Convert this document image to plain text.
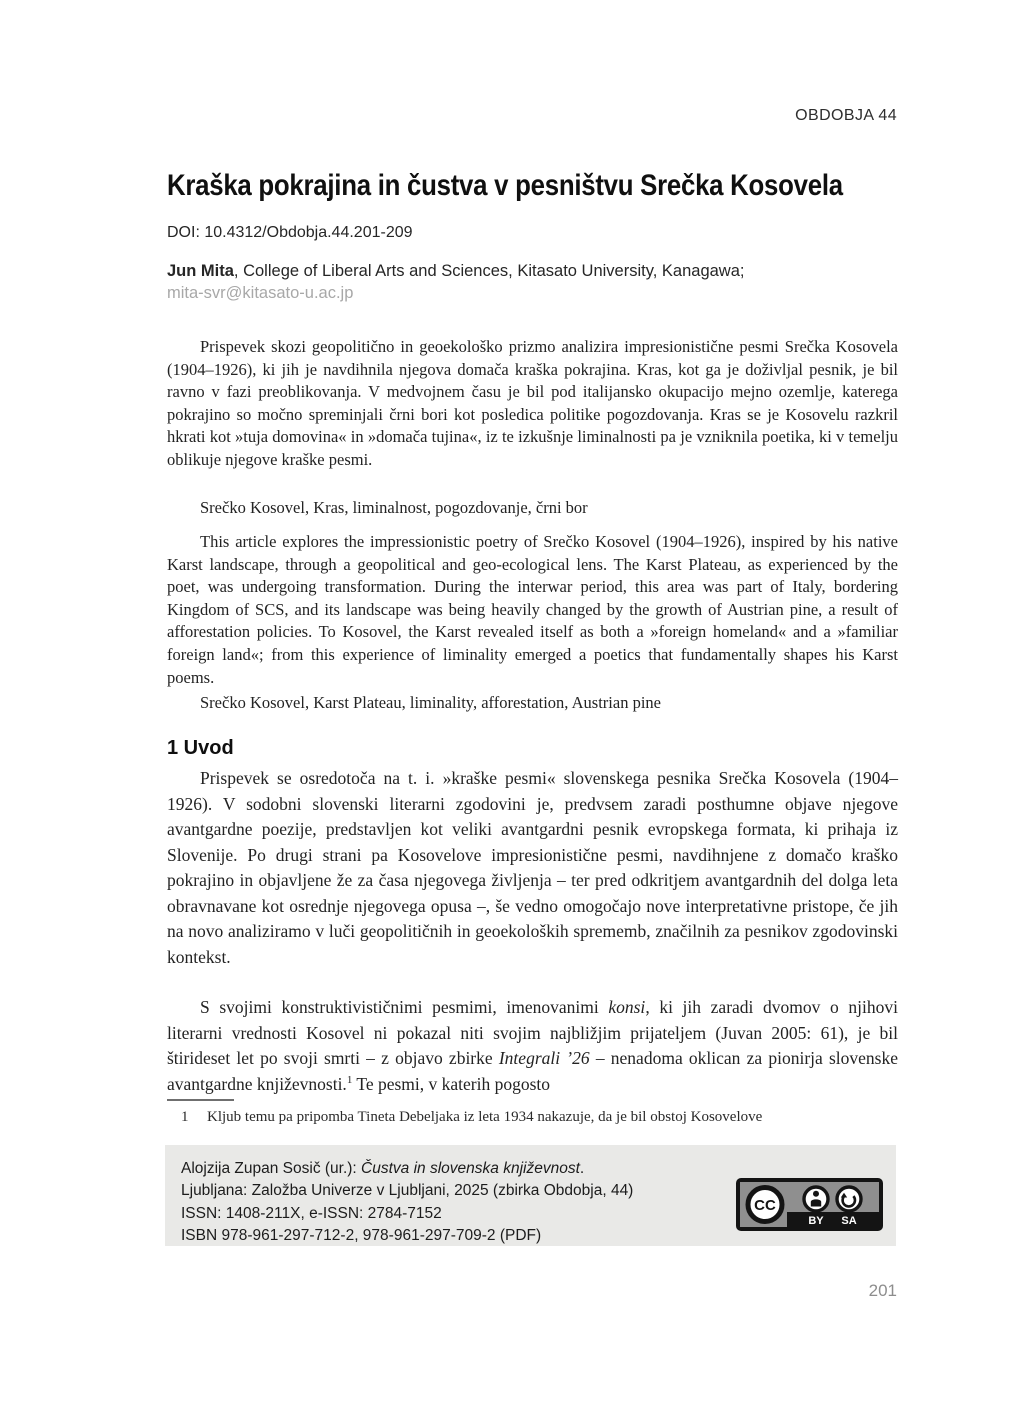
OBDOBJA 44
Kraška pokrajina in čustva v pesništvu Srečka Kosovela
DOI: 10.4312/Obdobja.44.201-209
Jun Mita, College of Liberal Arts and Sciences, Kitasato University, Kanagawa;
mita-svr@kitasato-u.ac.jp

Prispevek skozi geopolitično in geoekološko prizmo analizira impresionistične pesmi Srečka Kosovela (1904–1926), ki jih je navdihnila njegova domača kraška pokrajina. Kras, kot ga je doživljal pesnik, je bil ravno v fazi preoblikovanja. V medvojnem času je bil pod italijansko okupacijo mejno ozemlje, katerega pokrajino so močno spreminjali črni bori kot posledica politike pogozdovanja. Kras se je Kosovelu razkril hkrati kot »tuja domovina« in »domača tujina«, iz te izkušnje liminalnosti pa je vzniknila poetika, ki v temelju oblikuje njegove kraške pesmi.

Srečko Kosovel, Kras, liminalnost, pogozdovanje, črni bor

This article explores the impressionistic poetry of Srečko Kosovel (1904–1926), inspired by his native Karst landscape, through a geopolitical and geo-ecological lens. The Karst Plateau, as experienced by the poet, was undergoing transformation. During the interwar period, this area was part of Italy, bordering Kingdom of SCS, and its landscape was being heavily changed by the growth of Austrian pine, a result of afforestation policies. To Kosovel, the Karst revealed itself as both a »foreign homeland« and a »familiar foreign land«; from this experience of liminality emerged a poetics that fundamentally shapes his Karst poems.

Srečko Kosovel, Karst Plateau, liminality, afforestation, Austrian pine

1 Uvod

Prispevek se osredotoča na t. i. »kraške pesmi« slovenskega pesnika Srečka Kosovela (1904–1926). V sodobni slovenski literarni zgodovini je, predvsem zaradi posthumne objave njegove avantgardne poezije, predstavljen kot veliki avantgardni pesnik evropskega formata, ki prihaja iz Slovenije. Po drugi strani pa Kosovelove impresionistične pesmi, navdihnjene z domačo kraško pokrajino in objavljene že za časa njegovega življenja – ter pred odkritjem avantgardnih del dolga leta obravnavane kot osrednje njegovega opusa –, še vedno omogočajo nove interpretativne pristope, če jih na novo analiziramo v luči geopolitičnih in geoekoloških sprememb, značilnih za pesnikov zgodovinski kontekst.

S svojimi konstruktivističnimi pesmimi, imenovanimi konsi, ki jih zaradi dvomov o njihovi literarni vrednosti Kosovel ni pokazal niti svojim najbližjim prijateljem (Juvan 2005: 61), je bil štirideset let po svoji smrti – z objavo zbirke Integrali ’26 – nenadoma oklican za pionirja slovenske avantgardne književnosti.$^1$ Te pesmi, v katerih pogosto

1 Kljub temu pa pripomba Tineta Debeljaka iz leta 1934 nakazuje, da je bil obstoj Kosovelove
Alojzija Zupan Sosič (ur.): Čustva in slovenska književnost.
Ljubljana: Založba Univerze v Ljubljani, 2025 (zbirka Obdobja, 44)
ISSN: 1408-211X, e-ISSN: 2784-7152
ISBN 978-961-297-712-2, 978-961-297-709-2 (PDF)
CC
BY SA
201
